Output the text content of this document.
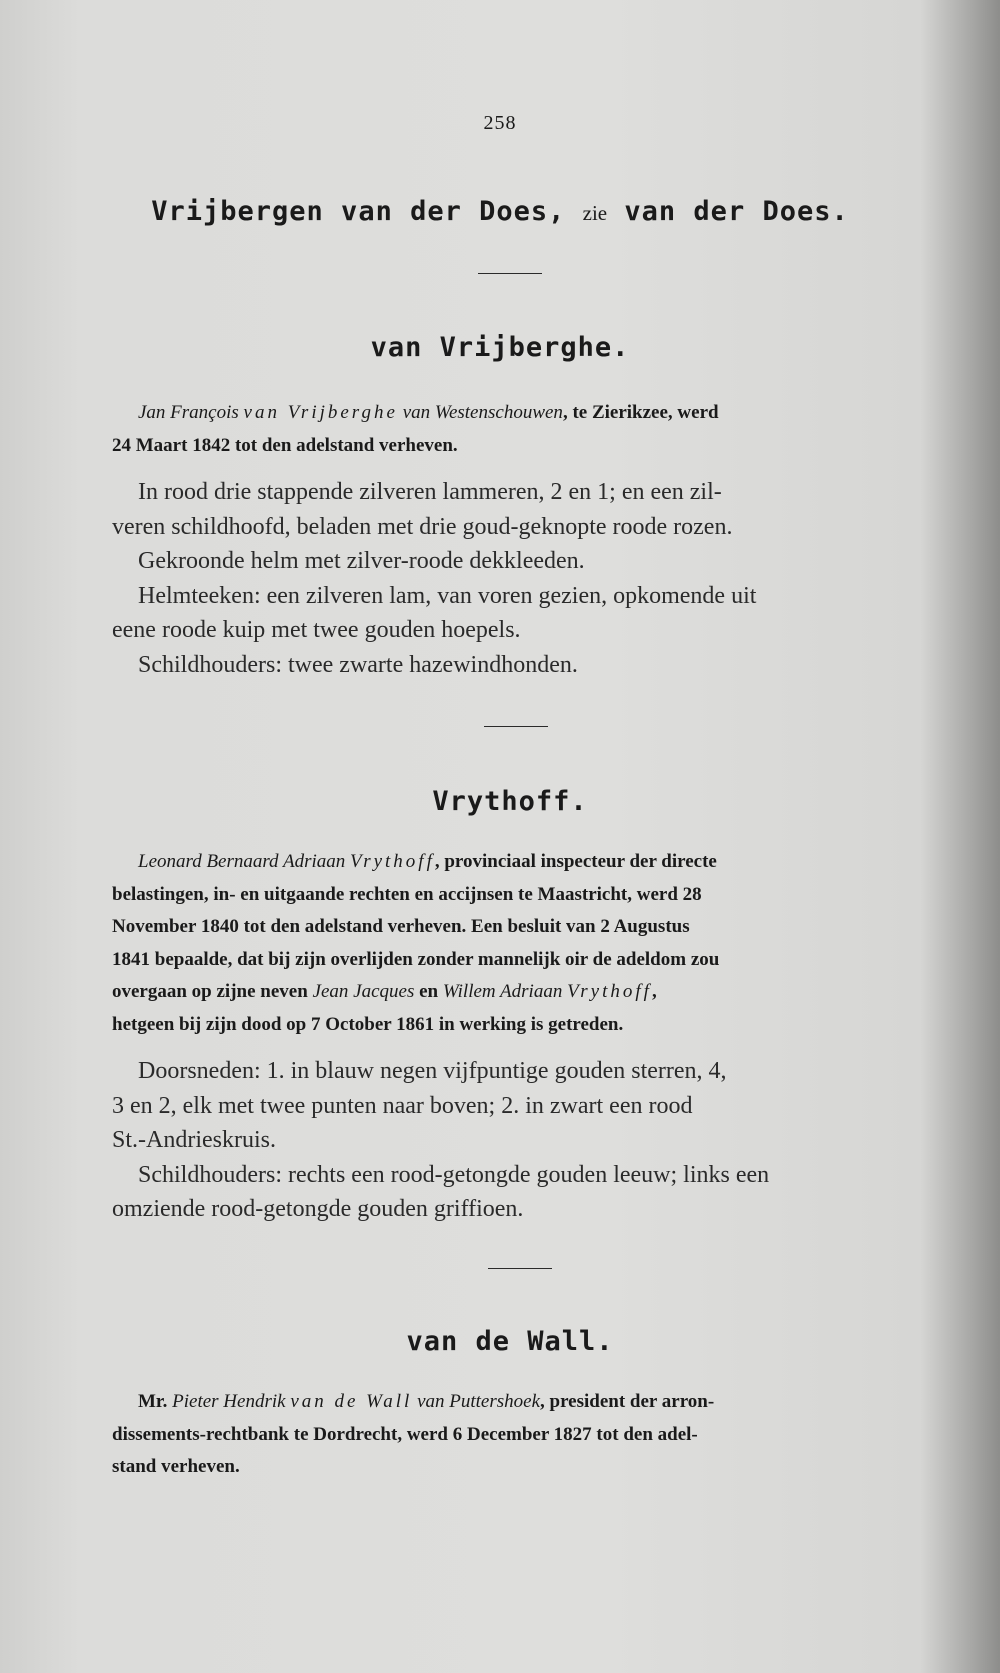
258
Vrijbergen van der Does, zie van der Does.
van Vrijberghe.

Jan François van Vrijberghe van Westenschouwen, te Zierikzee, werd

24 Maart 1842 tot den adelstand verheven.

In rood drie stappende zilveren lammeren, 2 en 1; en een zil-

veren schildhoofd, beladen met drie goud-geknopte roode rozen.

Gekroonde helm met zilver-roode dekkleeden.

Helmteeken: een zilveren lam, van voren gezien, opkomende uit

eene roode kuip met twee gouden hoepels.

Schildhouders: twee zwarte hazewindhonden.

Vrythoff.

Leonard Bernaard Adriaan Vrythoff, provinciaal inspecteur der directe

belastingen, in- en uitgaande rechten en accijnsen te Maastricht, werd 28

November 1840 tot den adelstand verheven. Een besluit van 2 Augustus

1841 bepaalde, dat bij zijn overlijden zonder mannelijk oir de adeldom zou

overgaan op zijne neven Jean Jacques en Willem Adriaan Vrythoff,

hetgeen bij zijn dood op 7 October 1861 in werking is getreden.

Doorsneden: 1. in blauw negen vijfpuntige gouden sterren, 4,

3 en 2, elk met twee punten naar boven; 2. in zwart een rood

St.-Andrieskruis.

Schildhouders: rechts een rood-getongde gouden leeuw; links een

omziende rood-getongde gouden griffioen.

van de Wall.

Mr. Pieter Hendrik van de Wall van Puttershoek, president der arron-

dissements-rechtbank te Dordrecht, werd 6 December 1827 tot den adel-

stand verheven.
